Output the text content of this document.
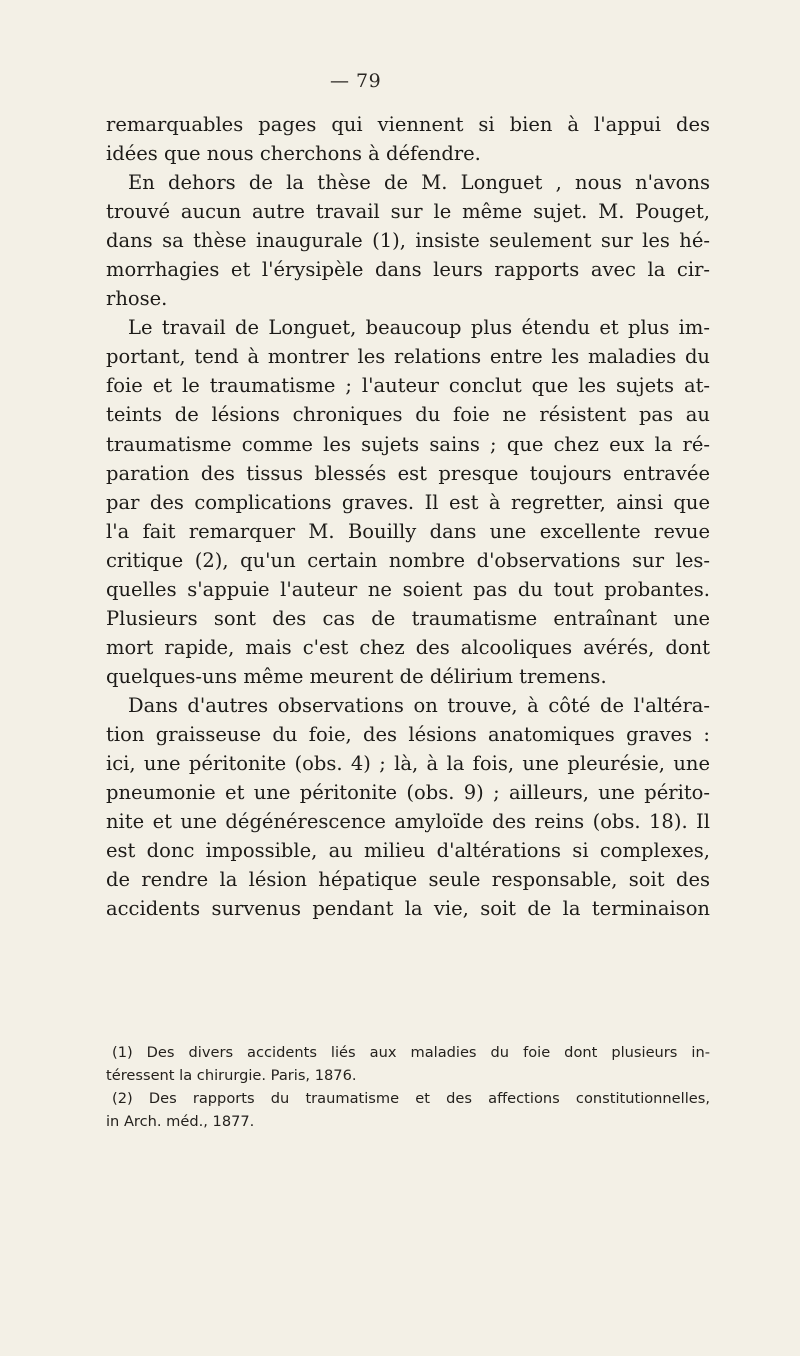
— 79
remarquables pages qui viennent si bien à l'appui des
idées que nous cherchons à défendre.
En dehors de la thèse de M. Longuet , nous n'avons
trouvé aucun autre travail sur le même sujet. M. Pouget,
dans sa thèse inaugurale (1), insiste seulement sur les hé-
morrhagies et l'érysipèle dans leurs rapports avec la cir-
rhose.
Le travail de Longuet, beaucoup plus étendu et plus im-
portant, tend à montrer les relations entre les maladies du
foie et le traumatisme ; l'auteur conclut que les sujets at-
teints de lésions chroniques du foie ne résistent pas au
traumatisme comme les sujets sains ; que chez eux la ré-
paration des tissus blessés est presque toujours entravée
par des complications graves. Il est à regretter, ainsi que
l'a fait remarquer M. Bouilly dans une excellente revue
critique (2), qu'un certain nombre d'observations sur les-
quelles s'appuie l'auteur ne soient pas du tout probantes.
Plusieurs sont des cas de traumatisme entraînant une
mort rapide, mais c'est chez des alcooliques avérés, dont
quelques-uns même meurent de délirium tremens.
Dans d'autres observations on trouve, à côté de l'altéra-
tion graisseuse du foie, des lésions anatomiques graves :
ici, une péritonite (obs. 4) ; là, à la fois, une pleurésie, une
pneumonie et une péritonite (obs. 9) ; ailleurs, une périto-
nite et une dégénérescence amyloïde des reins (obs. 18). Il
est donc impossible, au milieu d'altérations si complexes,
de rendre la lésion hépatique seule responsable, soit des
accidents survenus pendant la vie, soit de la terminaison
(1) Des divers accidents liés aux maladies du foie dont plusieurs in-
téressent la chirurgie. Paris, 1876.
(2) Des rapports du traumatisme et des affections constitutionnelles,
in Arch. méd., 1877.
